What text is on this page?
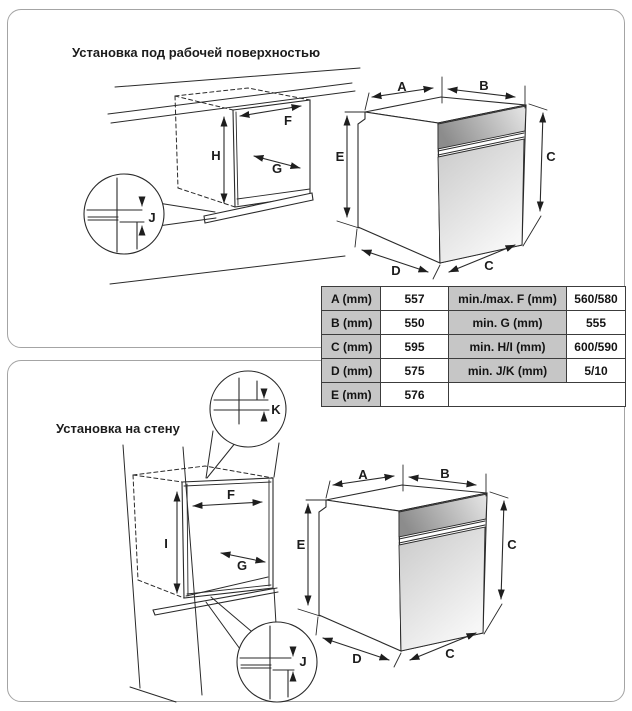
Установка под рабочей поверхностью
Установка на стену
H
F
G
J
A	B
E	C
D	C
I
F
G
K
J
A	B
E	C
D	C
A (mm)	557	min./max. F (mm)	560/580
B (mm)	550	min. G (mm)	555
C (mm)	595	min. H/I (mm)	600/590
D (mm)	575	min. J/K (mm)	5/10
E (mm)	576		
